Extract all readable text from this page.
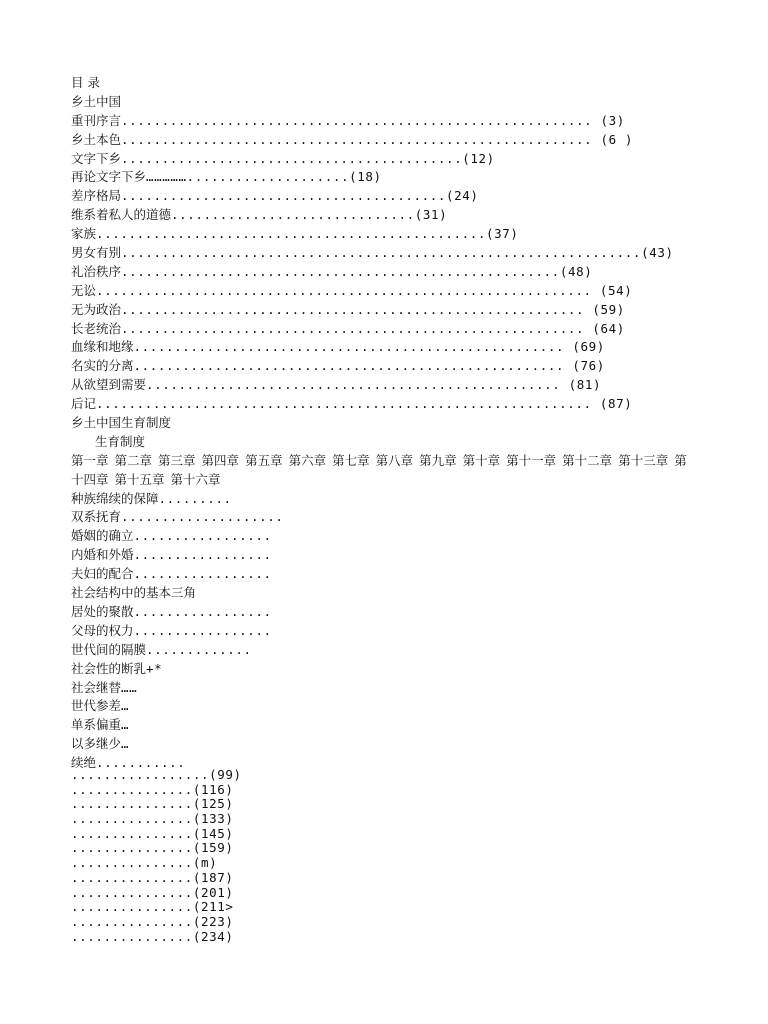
目 录
乡土中国
重刊序言.......................................................... (3)
乡土本色.......................................................... (6 )
文字下乡..........................................(12)
再论文字下乡……………....................(18)
差序格局........................................(24)
维系着私人的道德..............................(31)
家族................................................(37)
男女有别................................................................(43)
礼治秩序......................................................(48)
无讼............................................................. (54)
无为政治......................................................... (59)
长老统治......................................................... (64)
血缘和地缘..................................................... (69)
名实的分离..................................................... (76)
从欲望到需要................................................... (81)
后记............................................................. (87)
乡土中国生育制度
生育制度
第一章 第二章 第三章 第四章 第五章 第六章 第七章 第八章 第九章 第十章 第十一章 第十二章 第十三章 第
十四章 第十五章 第十六章
种族绵续的保障.........
双系抚育....................
婚姻的确立.................
内婚和外婚.................
夫妇的配合.................
社会结构中的基本三角
居处的聚散.................
父母的权力.................
世代间的隔膜.............
社会性的断乳+*
社会继替……
世代参差…
单系偏重…
以多继少…
续绝...........
.................(99)
...............(116)
...............(125)
...............(133)
...............(145)
...............(159)
...............(m)
...............(187)
...............(201)
...............(211>
...............(223)
...............(234)
